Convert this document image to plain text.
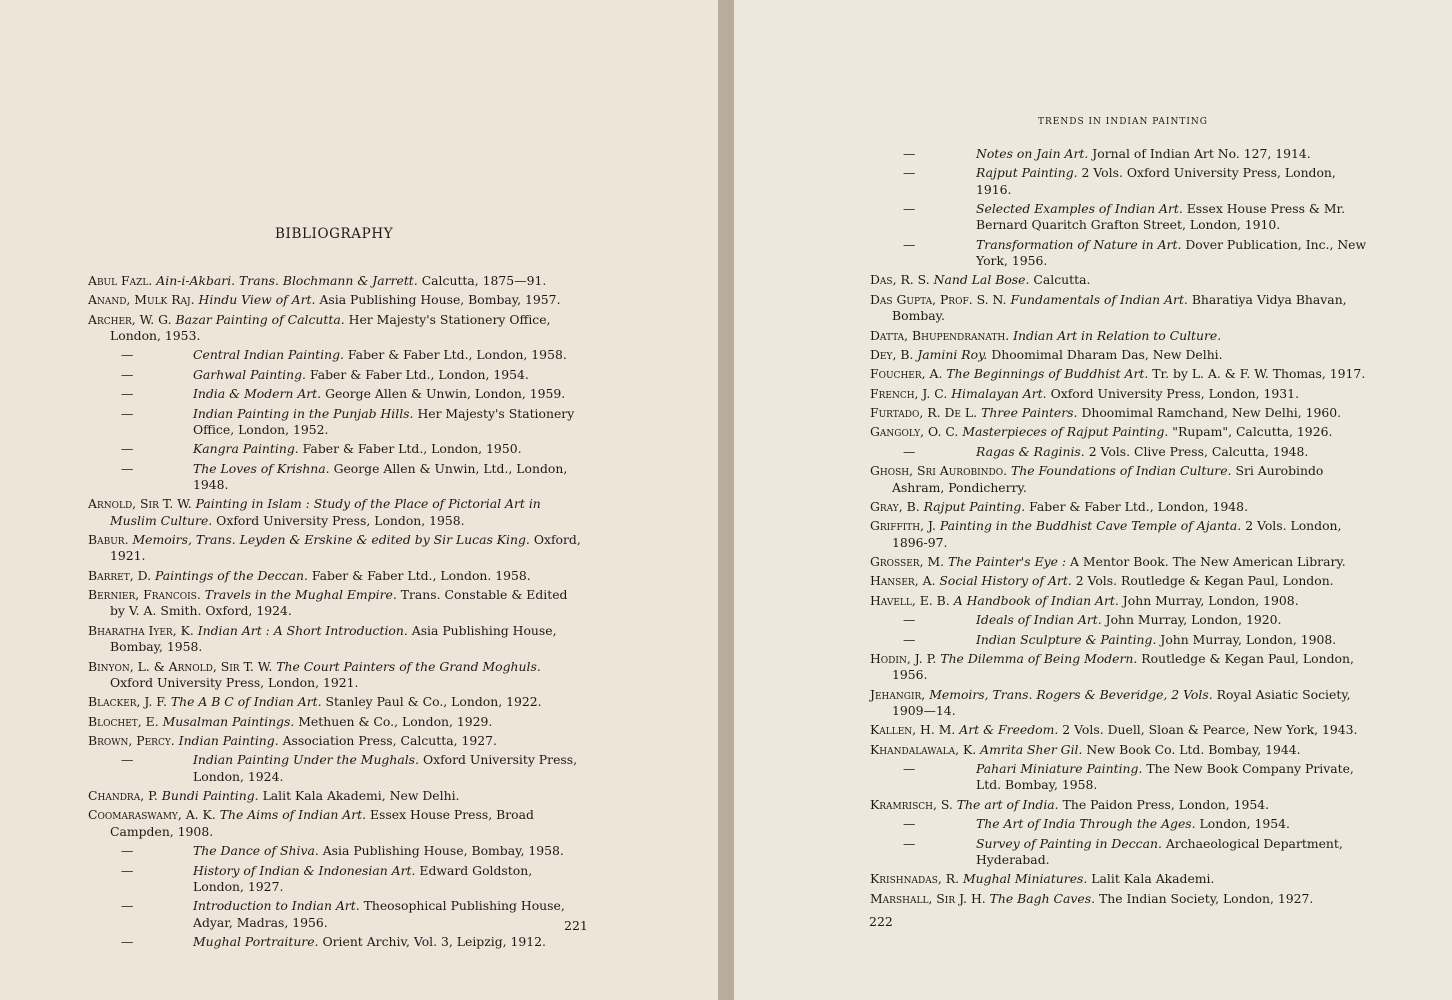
BIBLIOGRAPHY
Abul Fazl. Ain-i-Akbari. Trans. Blochmann & Jarrett. Calcutta, 1875—91.
Anand, Mulk Raj. Hindu View of Art. Asia Publishing House, Bombay, 1957.
Archer, W. G. Bazar Painting of Calcutta. Her Majesty's Stationery Office, London, 1953.
—	Central Indian Painting. Faber & Faber Ltd., London, 1958.
—	Garhwal Painting. Faber & Faber Ltd., London, 1954.
—	India & Modern Art. George Allen & Unwin, London, 1959.
—	Indian Painting in the Punjab Hills. Her Majesty's Stationery Office, London, 1952.
—	Kangra Painting. Faber & Faber Ltd., London, 1950.
—	The Loves of Krishna. George Allen & Unwin, Ltd., London, 1948.
Arnold, Sir T. W. Painting in Islam : Study of the Place of Pictorial Art in Muslim Culture. Oxford University Press, London, 1958.
Babur. Memoirs, Trans. Leyden & Erskine & edited by Sir Lucas King. Oxford, 1921.
Barret, D. Paintings of the Deccan. Faber & Faber Ltd., London. 1958.
Bernier, Francois. Travels in the Mughal Empire. Trans. Constable & Edited by V. A. Smith. Oxford, 1924.
Bharatha Iyer, K. Indian Art : A Short Introduction. Asia Publishing House, Bombay, 1958.
Binyon, L. & Arnold, Sir T. W. The Court Painters of the Grand Moghuls. Oxford University Press, London, 1921.
Blacker, J. F. The A B C of Indian Art. Stanley Paul & Co., London, 1922.
Blochet, E. Musalman Paintings. Methuen & Co., London, 1929.
Brown, Percy. Indian Painting. Association Press, Calcutta, 1927.
—	Indian Painting Under the Mughals. Oxford University Press, London, 1924.
Chandra, P. Bundi Painting. Lalit Kala Akademi, New Delhi.
Coomaraswamy, A. K. The Aims of Indian Art. Essex House Press, Broad Campden, 1908.
—	The Dance of Shiva. Asia Publishing House, Bombay, 1958.
—	History of Indian & Indonesian Art. Edward Goldston, London, 1927.
—	Introduction to Indian Art. Theosophical Publishing House, Adyar, Madras, 1956.
—	Mughal Portraiture. Orient Archiv, Vol. 3, Leipzig, 1912.
221
TRENDS IN INDIAN PAINTING
—	Notes on Jain Art. Jornal of Indian Art No. 127, 1914.
—	Rajput Painting. 2 Vols. Oxford University Press, London, 1916.
—	Selected Examples of Indian Art. Essex House Press & Mr. Bernard Quaritch Grafton Street, London, 1910.
—	Transformation of Nature in Art. Dover Publication, Inc., New York, 1956.
Das, R. S. Nand Lal Bose. Calcutta.
Das Gupta, Prof. S. N. Fundamentals of Indian Art. Bharatiya Vidya Bhavan, Bombay.
Datta, Bhupendranath. Indian Art in Relation to Culture.
Dey, B. Jamini Roy. Dhoomimal Dharam Das, New Delhi.
Foucher, A. The Beginnings of Buddhist Art. Tr. by L. A. & F. W. Thomas, 1917.
French, J. C. Himalayan Art. Oxford University Press, London, 1931.
Furtado, R. De L. Three Painters. Dhoomimal Ramchand, New Delhi, 1960.
Gangoly, O. C. Masterpieces of Rajput Painting. "Rupam", Calcutta, 1926.
—	Ragas & Raginis. 2 Vols. Clive Press, Calcutta, 1948.
Ghosh, Sri Aurobindo. The Foundations of Indian Culture. Sri Aurobindo Ashram, Pondicherry.
Gray, B. Rajput Painting. Faber & Faber Ltd., London, 1948.
Griffith, J. Painting in the Buddhist Cave Temple of Ajanta. 2 Vols. London, 1896-97.
Grosser, M. The Painter's Eye : A Mentor Book. The New American Library.
Hanser, A. Social History of Art. 2 Vols. Routledge & Kegan Paul, London.
Havell, E. B. A Handbook of Indian Art. John Murray, London, 1908.
—	Ideals of Indian Art. John Murray, London, 1920.
—	Indian Sculpture & Painting. John Murray, London, 1908.
Hodin, J. P. The Dilemma of Being Modern. Routledge & Kegan Paul, London, 1956.
Jehangir, Memoirs, Trans. Rogers & Beveridge, 2 Vols. Royal Asiatic Society, 1909—14.
Kallen, H. M. Art & Freedom. 2 Vols. Duell, Sloan & Pearce, New York, 1943.
Khandalawala, K. Amrita Sher Gil. New Book Co. Ltd. Bombay, 1944.
—	Pahari Miniature Painting. The New Book Company Private, Ltd. Bombay, 1958.
Kramrisch, S. The art of India. The Paidon Press, London, 1954.
—	The Art of India Through the Ages. London, 1954.
—	Survey of Painting in Deccan. Archaeological Department, Hyderabad.
Krishnadas, R. Mughal Miniatures. Lalit Kala Akademi.
Marshall, Sir J. H. The Bagh Caves. The Indian Society, London, 1927.
222
